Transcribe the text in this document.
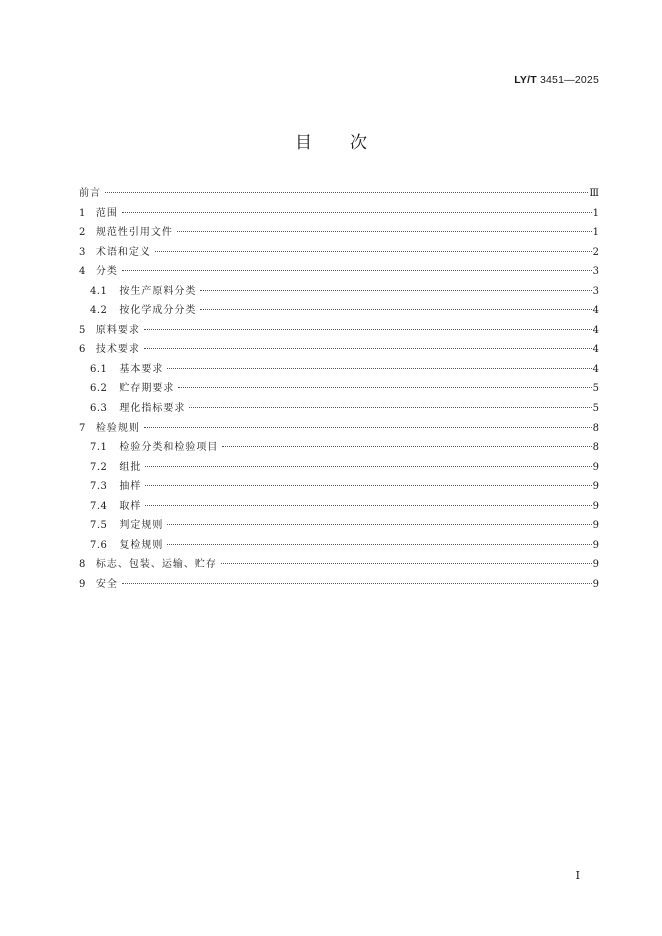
LY/T 3451—2025
目 次
前言	Ⅲ
1 范围	1
2 规范性引用文件	1
3 术语和定义	2
4 分类	3
4.1 按生产原料分类	3
4.2 按化学成分分类	4
5 原料要求	4
6 技术要求	4
6.1 基本要求	4
6.2 贮存期要求	5
6.3 理化指标要求	5
7 检验规则	8
7.1 检验分类和检验项目	8
7.2 组批	9
7.3 抽样	9
7.4 取样	9
7.5 判定规则	9
7.6 复检规则	9
8 标志、包装、运输、贮存	9
9 安全	9
I
